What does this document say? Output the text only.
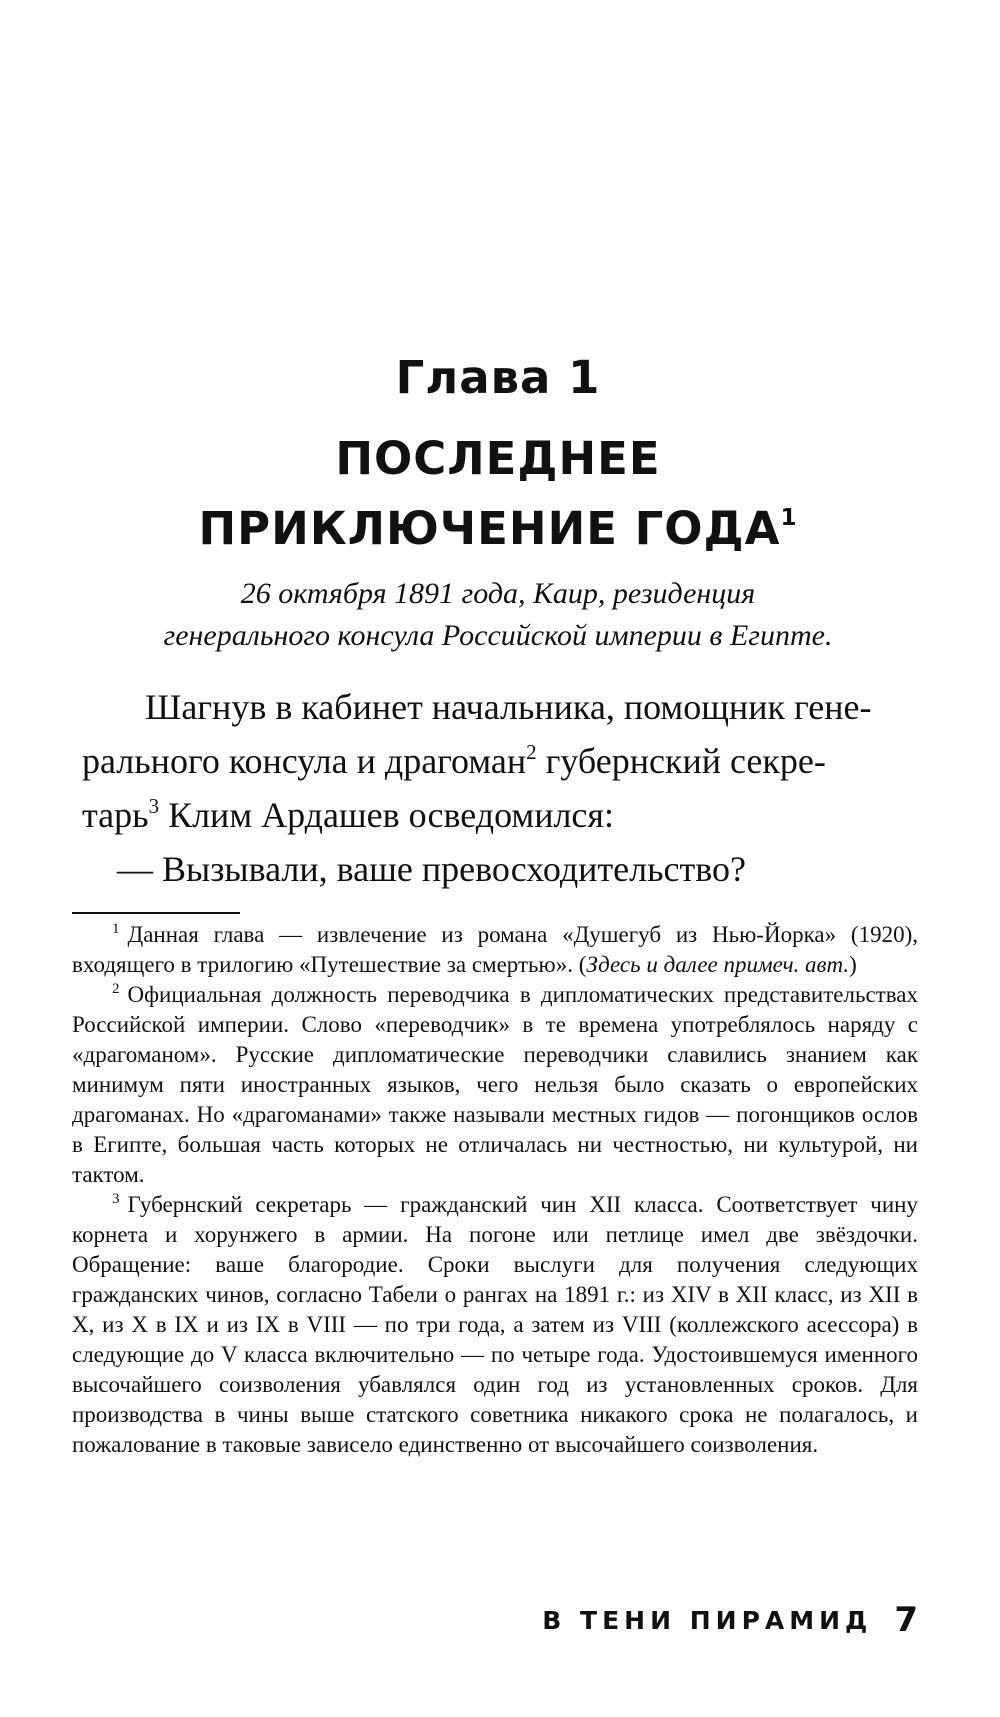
Глава 1
ПОСЛЕДНЕЕ
ПРИКЛЮЧЕНИЕ ГОДА$^1$
26 октября 1891 года, Каир, резиденция
генерального консула Российской империи в Египте.
Шагнув в кабинет начальника, помощник гене-
рального консула и драгоман$^2$ губернский секре-
тарь$^3$ Клим Ардашев осведомился:
— Вызывали, ваше превосходительство?

$^1$ Данная глава — извлечение из романа «Душегуб из Нью-Йорка» (1920), входящего в трилогию «Путешествие за смертью». (Здесь и далее примеч. авт.)

$^2$ Официальная должность переводчика в дипломатических представительствах Российской империи. Слово «переводчик» в те времена употреблялось наряду с «драгоманом». Русские дипломатические переводчики славились знанием как минимум пяти иностранных языков, чего нельзя было сказать о европейских драгоманах. Но «драгоманами» также называли местных гидов — погонщиков ослов в Египте, большая часть которых не отличалась ни честностью, ни культурой, ни тактом.

$^3$ Губернский секретарь — гражданский чин XII класса. Соответствует чину корнета и хорунжего в армии. На погоне или петлице имел две звёздочки. Обращение: ваше благородие. Сроки выслуги для получения следующих гражданских чинов, согласно Табели о рангах на 1891 г.: из XIV в XII класс, из XII в X, из X в IX и из IX в VIII — по три года, а затем из VIII (коллежского асессора) в следующие до V класса включительно — по четыре года. Удостоившемуся именного высочайшего соизволения убавлялся один год из установленных сроков. Для производства в чины выше статского советника никакого срока не полагалось, и пожалование в таковые зависело единственно от высочайшего соизволения.

В ТЕНИ ПИРАМИД 7
